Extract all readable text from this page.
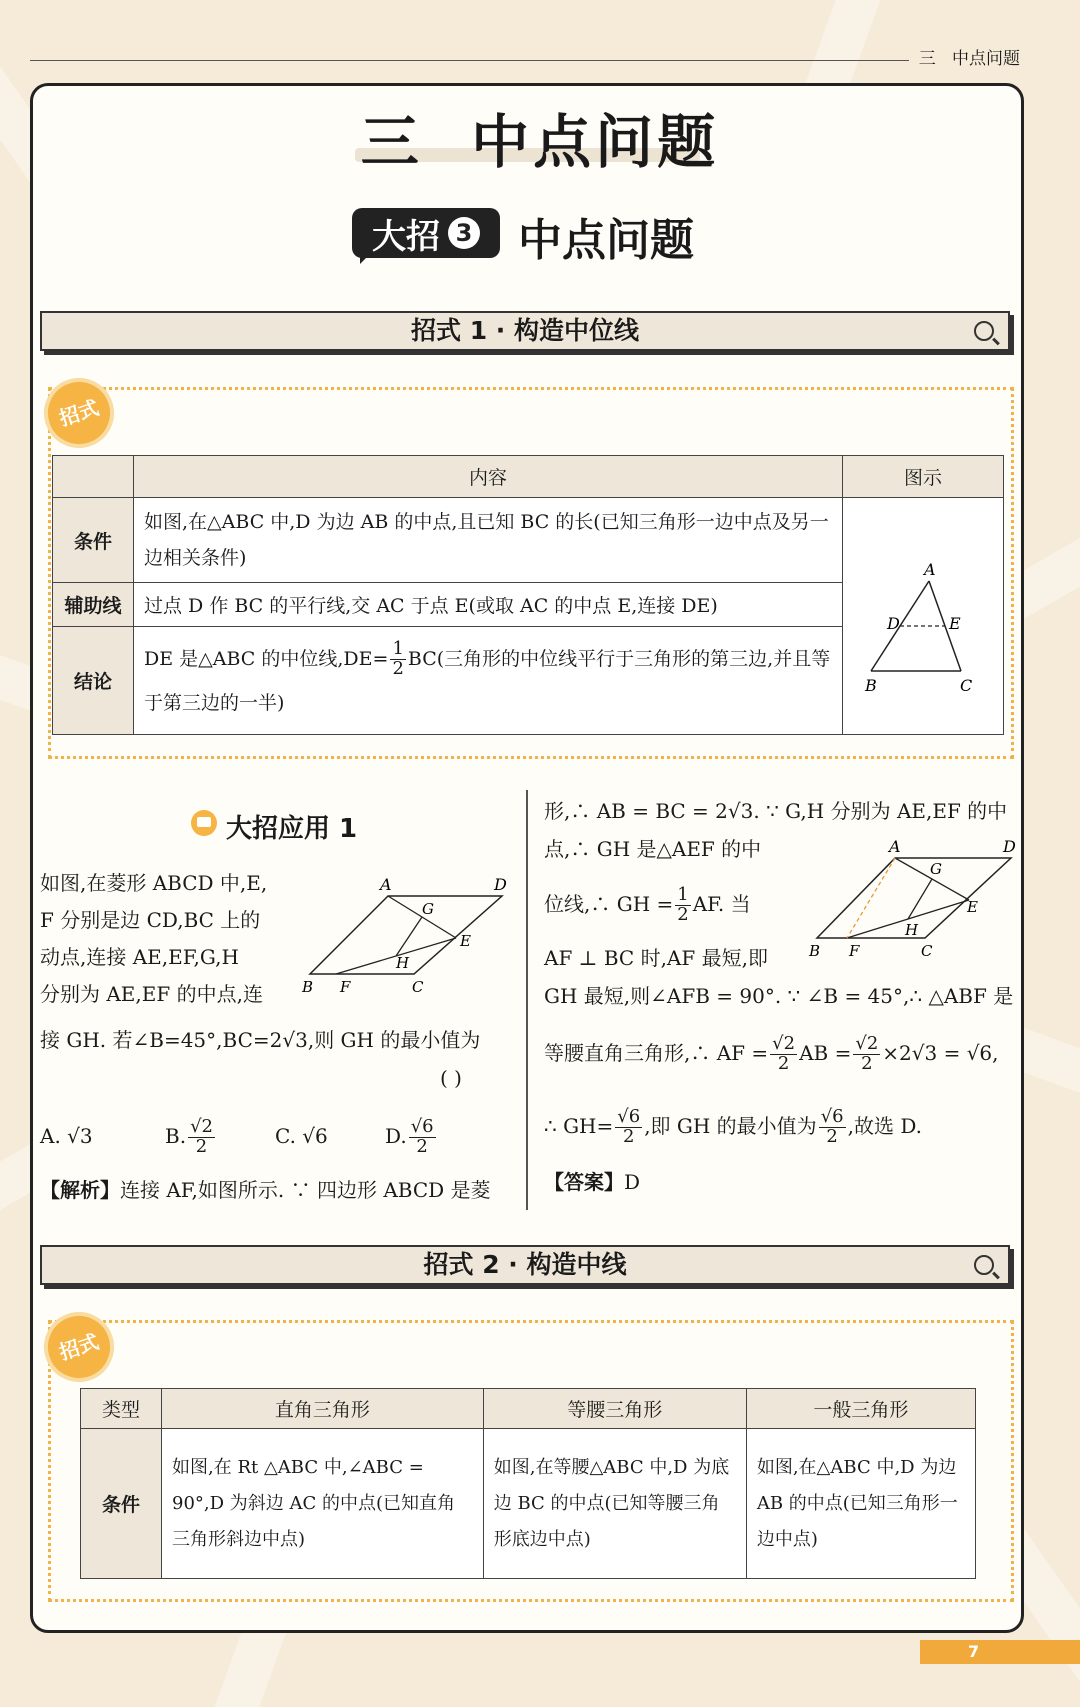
三 中点问题
三  中点问题
大招 3 中点问题
招式 1 · 构造中位线
招式
	内容	图示
条件	如图,在△ABC 中,D 为边 AB 的中点,且已知 BC 的长(已知三角形一边中点及另一边相关条件)	A
D E
B C

辅助线	过点 D 作 BC 的平行线,交 AC 于点 E(或取 AC 的中点 E,连接 DE)	
结论	DE 是△ABC 的中位线$,DE= \frac{1}{2} BC$(三角形的中位线平行于三角形的第三边,并且等于第三边的一半)	
大招应用 1
如图,在菱形 ABCD 中,E,
F 分别是边 CD,BC 上的
动点,连接 AE,EF,G,H
分别为 AE,EF 的中点,连
A	D
G
E
H
B F	C
接 GH. 若∠B=45°,BC=2√3,则 GH 的最小值为
( )
A. √3	B. $\frac{√2}{2}$	C. √6	D. $\frac{√6}{2}$
【解析】连接 AF,如图所示. ∵ 四边形 ABCD 是菱
形,∴ AB = BC = 2√3. ∵ G,H 分别为 AE,EF 的中
点,∴ GH 是△AEF 的中
位线,∴ GH = $\frac{1}{2}$ AF. 当
AF ⊥ BC 时,AF 最短,即
A	D
G
E
H
B F	C
GH 最短,则∠AFB = 90°. ∵ ∠B = 45°,∴ △ABF 是
等腰直角三角形,∴ AF = $\frac{√2}{2}$ AB = $\frac{√2}{2} \times 2√3 = √6$,
∴ $GH= \frac{√6}{2}$ ,即 GH 的最小值为 $\frac{√6}{2}$ ,故选 D.
【答案】D
招式 2 · 构造中线
招式
类型	直角三角形	等腰三角形	一般三角形
条件	如图,在 Rt △ABC 中,∠ABC = 90°,D 为斜边 AC 的中点(已知直角三角形斜边中点)	如图,在等腰△ABC 中,D 为底边 BC 的中点(已知等腰三角形底边中点)	如图,在△ABC 中,D 为边 AB 的中点(已知三角形一边中点)
7
